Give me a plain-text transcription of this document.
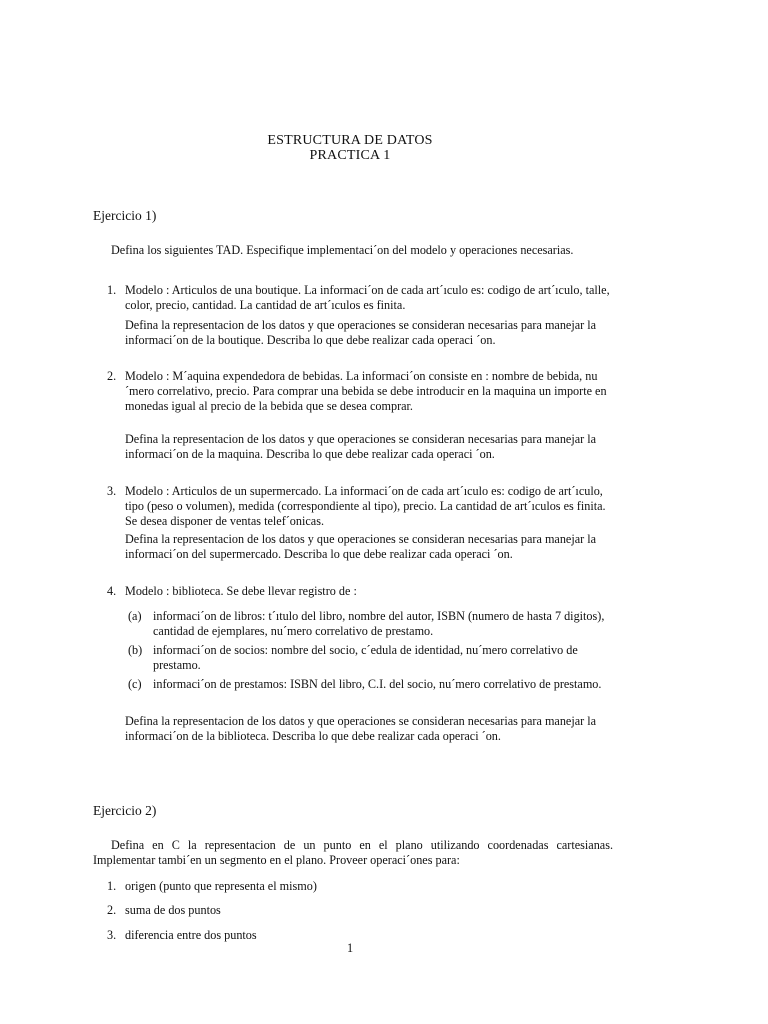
ESTRUCTURA DE DATOS
PRACTICA 1
Ejercicio 1)
Defina los siguientes TAD. Especifique implementaci´on del modelo y operaciones necesarias.
1. Modelo : Articulos de una boutique. La informaci´on de cada art´ıculo es: codigo de art´ıculo, talle, color, precio, cantidad. La cantidad de art´ıculos es finita.
Defina la representacion de los datos y que operaciones se consideran necesarias para manejar la informaci´on de la boutique. Describa lo que debe realizar cada operaci ´on.
2. Modelo : M´aquina expendedora de bebidas. La informaci´on consiste en : nombre de bebida, nu´mero correlativo, precio. Para comprar una bebida se debe introducir en la maquina un importe en monedas igual al precio de la bebida que se desea comprar.
Defina la representacion de los datos y que operaciones se consideran necesarias para manejar la informaci´on de la maquina. Describa lo que debe realizar cada operaci ´on.
3. Modelo : Articulos de un supermercado. La informaci´on de cada art´ıculo es: codigo de art´ıculo, tipo (peso o volumen), medida (correspondiente al tipo), precio. La cantidad de art´ıculos es finita. Se desea disponer de ventas telef´onicas.
Defina la representacion de los datos y que operaciones se consideran necesarias para manejar la informaci´on del supermercado. Describa lo que debe realizar cada operaci ´on.
4. Modelo : biblioteca. Se debe llevar registro de :
(a) informaci´on de libros: t´ıtulo del libro, nombre del autor, ISBN (numero de hasta 7 digitos), cantidad de ejemplares, nu´mero correlativo de prestamo.
(b) informaci´on de socios: nombre del socio, c´edula de identidad, nu´mero correlativo de prestamo.
(c) informaci´on de prestamos: ISBN del libro, C.I. del socio, nu´mero correlativo de prestamo.
Defina la representacion de los datos y que operaciones se consideran necesarias para manejar la informaci´on de la biblioteca. Describa lo que debe realizar cada operaci ´on.
Ejercicio 2)
Defina en C la representacion de un punto en el plano utilizando coordenadas cartesianas. Implementar tambi´en un segmento en el plano. Proveer operaci´ones para:
1. origen (punto que representa el mismo)
2. suma de dos puntos
3. diferencia entre dos puntos
1
